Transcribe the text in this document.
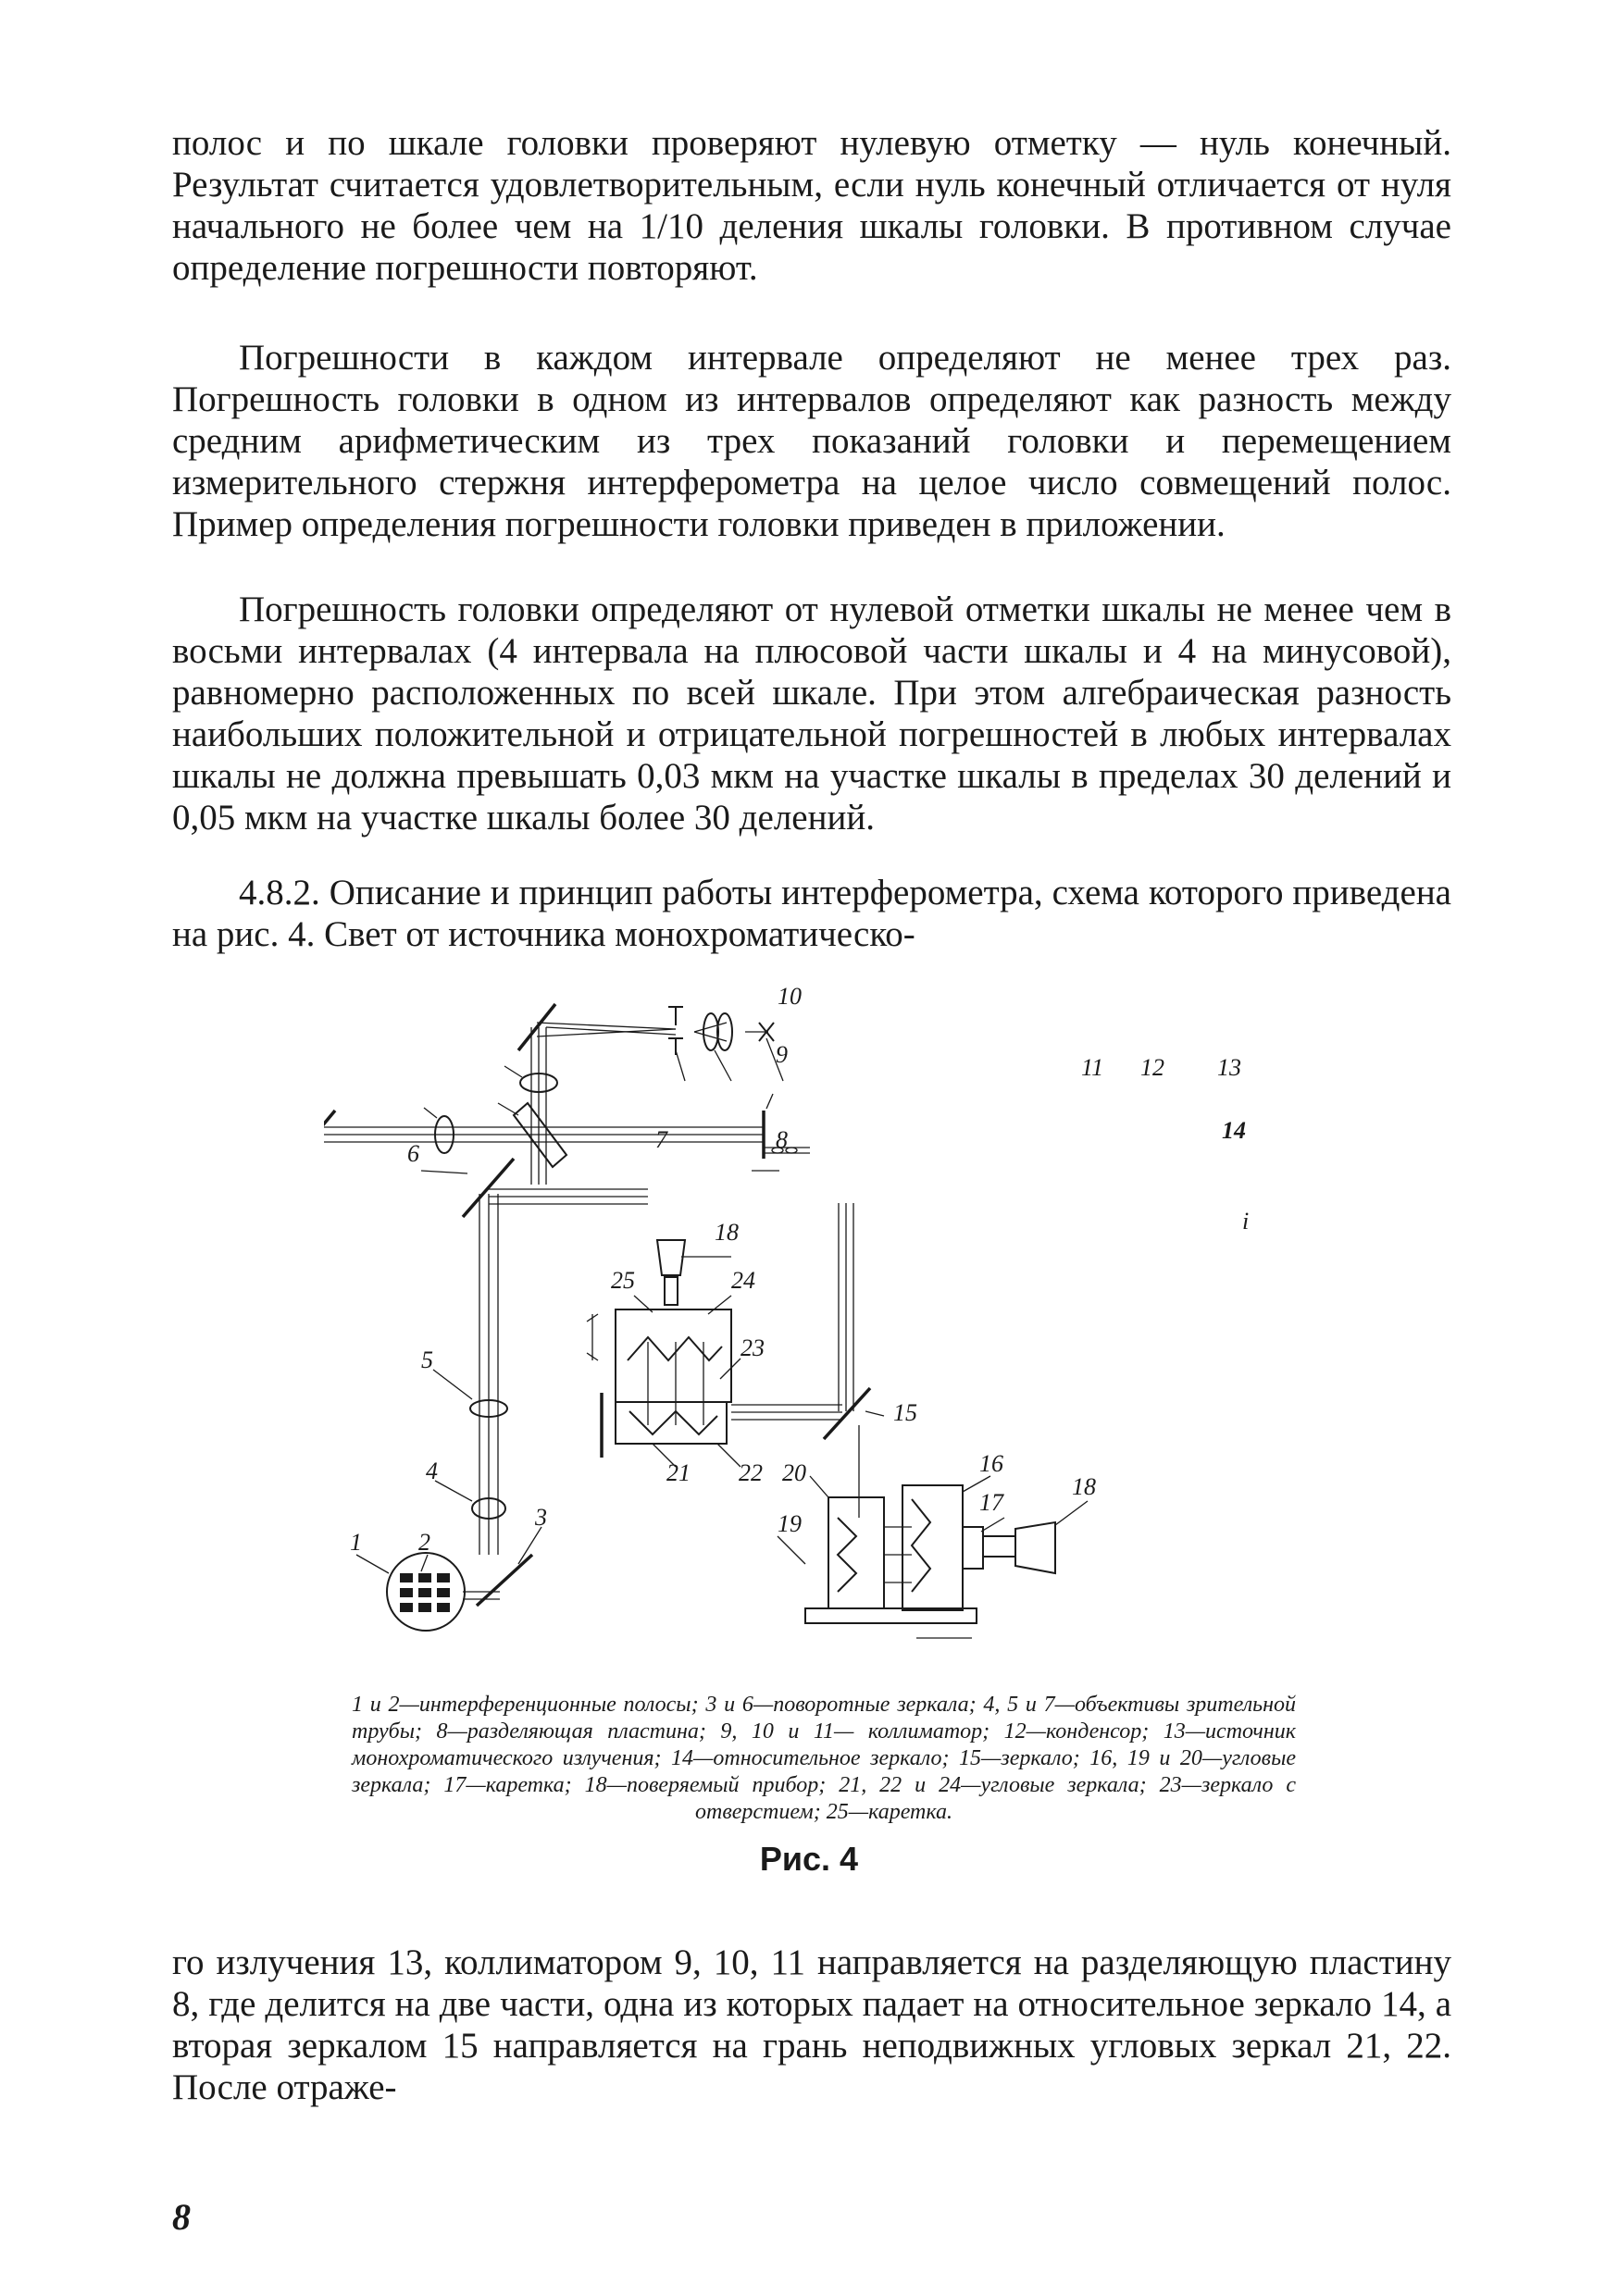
полос и по шкале головки проверяют нулевую отметку — нуль конечный. Результат считается удовлетворительным, если нуль конечный отличается от нуля начального не более чем на 1/10 деления шкалы головки. В противном случае определение погрешности повторяют.

Погрешности в каждом интервале определяют не менее трех раз. Погрешность головки в одном из интервалов определяют как разность между средним арифметическим из трех показаний головки и перемещением измерительного стержня интерферометра на целое число совмещений полос. Пример определения погрешности головки приведен в приложении.

Погрешность головки определяют от нулевой отметки шкалы не менее чем в восьми интервалах (4 интервала на плюсовой части шкалы и 4 на минусовой), равномерно расположенных по всей шкале. При этом алгебраическая разность наибольших положительной и отрицательной погрешностей в любых интервалах шкалы не должна превышать 0,03 мкм на участке шкалы в пределах 30 делений и 0,05 мкм на участке шкалы более 30 делений.

4.8.2. Описание и принцип работы интерферометра, схема которого приведена на рис. 4. Свет от источника монохроматическо-

6
5
4
1 2
3
7	8
9
10
11 12 13
14
i
18
25	24
23
15
21 22 20	16
17
18
19

1 и 2—интерференционные полосы; 3 и 6—поворотные зеркала; 4, 5 и 7—объективы зрительной трубы; 8—разделяющая пластина; 9, 10 и 11— коллиматор; 12—конденсор; 13—источник монохроматического излучения; 14—относительное зеркало; 15—зеркало; 16, 19 и 20—угловые зеркала; 17—каретка; 18—поверяемый прибор; 21, 22 и 24—угловые зеркала; 23—зеркало с отверстием; 25—каретка.

Рис. 4

го излучения 13, коллиматором 9, 10, 11 направляется на разделяющую пластину 8, где делится на две части, одна из которых падает на относительное зеркало 14, а вторая зеркалом 15 направляется на грань неподвижных угловых зеркал 21, 22. После отраже-

8
